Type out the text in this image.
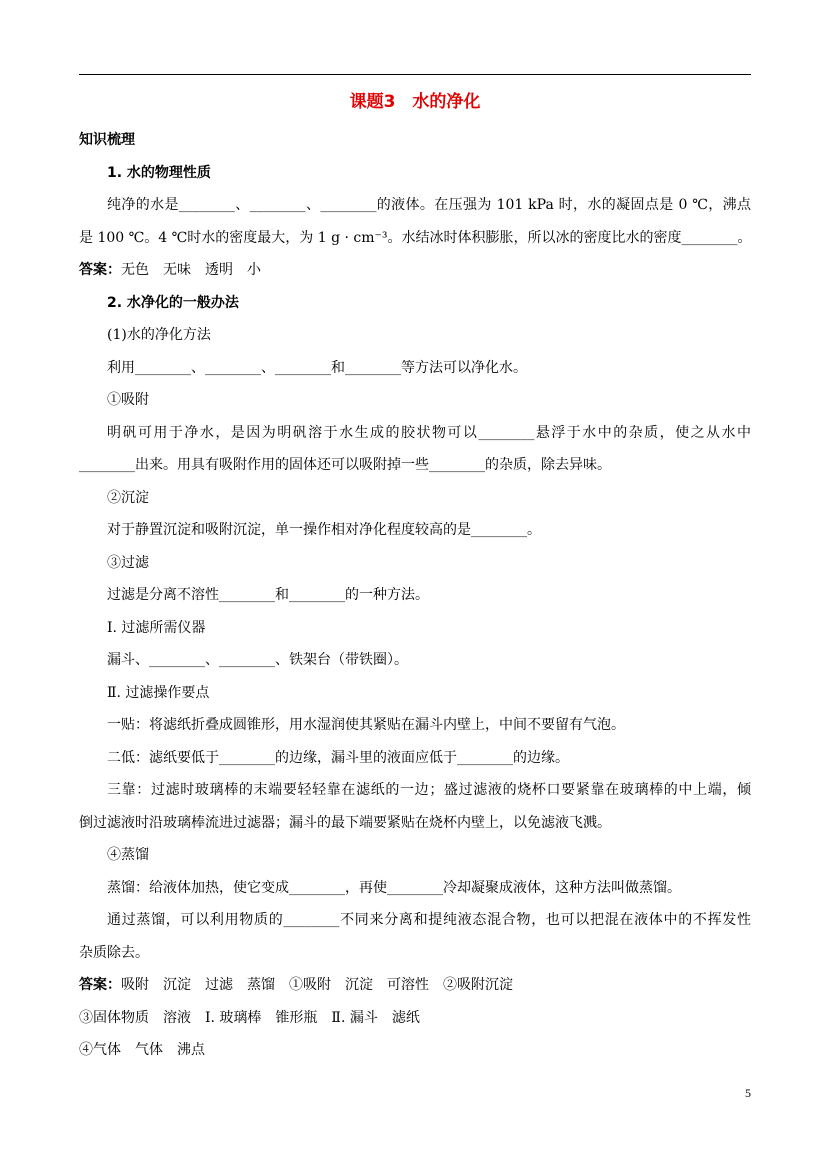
课题3　水的净化
知识梳理
1. 水的物理性质
纯净的水是________、________、________的液体。在压强为 101 kPa 时，水的凝固点是 0 ℃，沸点
是 100 ℃。4 ℃时水的密度最大，为 1 g · cm⁻³。水结冰时体积膨胀，所以冰的密度比水的密度________。
答案：无色　无味　透明　小
2. 水净化的一般办法
(1)水的净化方法
利用________、________、________和________等方法可以净化水。
①吸附
明矾可用于净水，是因为明矾溶于水生成的胶状物可以________悬浮于水中的杂质，使之从水中
________出来。用具有吸附作用的固体还可以吸附掉一些________的杂质，除去异味。
②沉淀
对于静置沉淀和吸附沉淀，单一操作相对净化程度较高的是________。
③过滤
过滤是分离不溶性________和________的一种方法。
Ⅰ. 过滤所需仪器
漏斗、________、________、铁架台（带铁圈）。
Ⅱ. 过滤操作要点
一贴：将滤纸折叠成圆锥形，用水湿润使其紧贴在漏斗内壁上，中间不要留有气泡。
二低：滤纸要低于________的边缘，漏斗里的液面应低于________的边缘。
三靠：过滤时玻璃棒的末端要轻轻靠在滤纸的一边；盛过滤液的烧杯口要紧靠在玻璃棒的中上端，倾
倒过滤液时沿玻璃棒流进过滤器；漏斗的最下端要紧贴在烧杯内壁上，以免滤液飞溅。
④蒸馏
蒸馏：给液体加热，使它变成________，再使________冷却凝聚成液体，这种方法叫做蒸馏。
通过蒸馏，可以利用物质的________不同来分离和提纯液态混合物，也可以把混在液体中的不挥发性
杂质除去。
答案：吸附　沉淀　过滤　蒸馏　①吸附　沉淀　可溶性　②吸附沉淀
③固体物质　溶液　Ⅰ. 玻璃棒　锥形瓶　Ⅱ. 漏斗　滤纸
④气体　气体　沸点
5
